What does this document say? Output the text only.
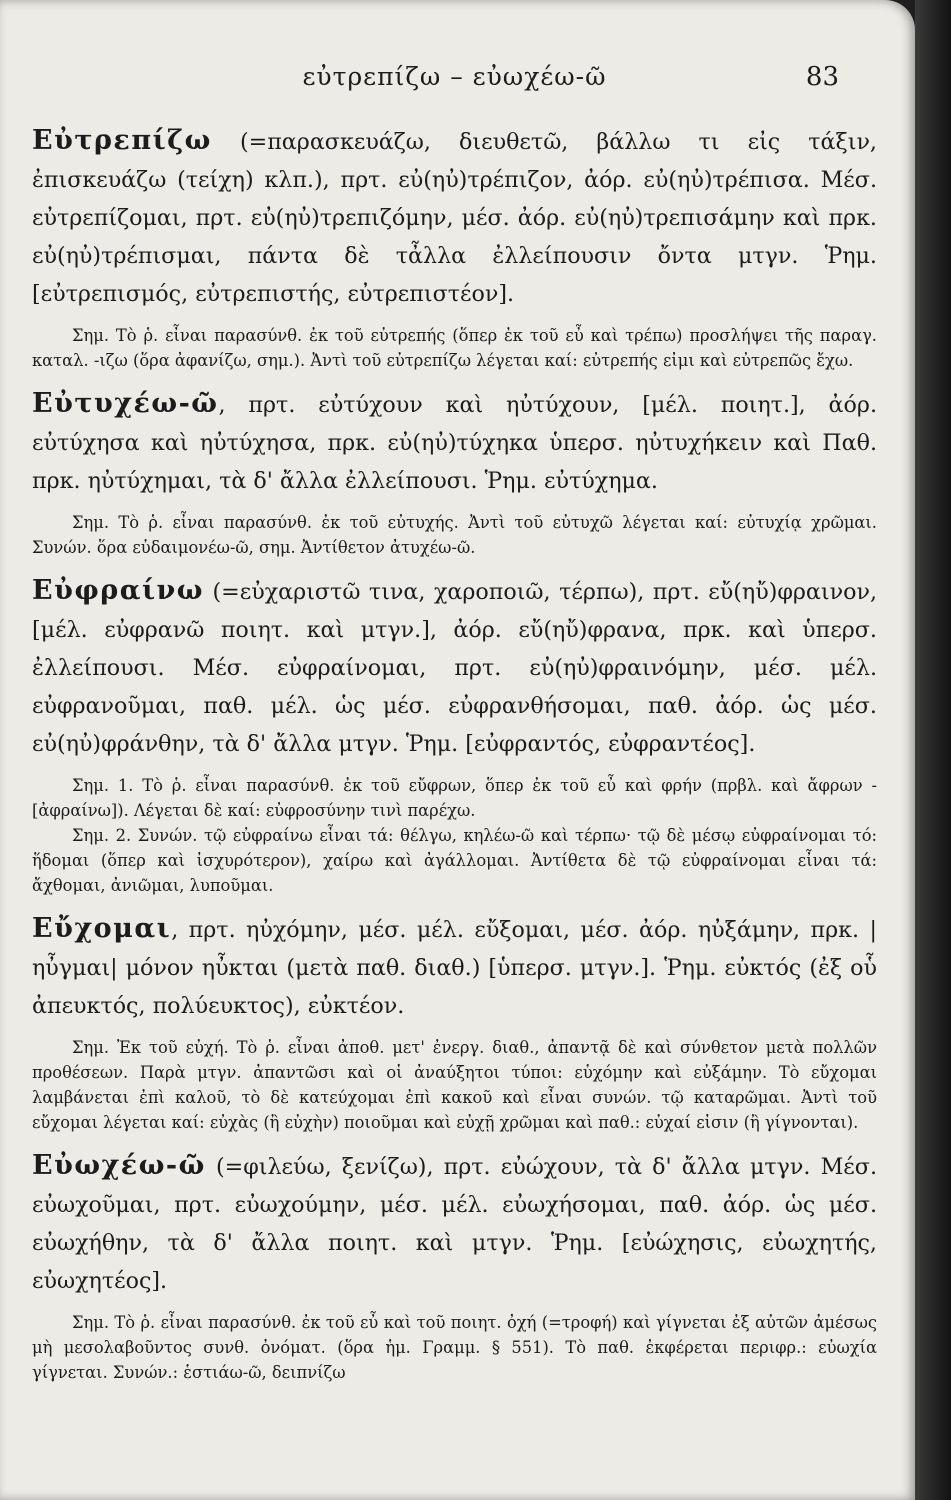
εὐτρεπίζω – εὐωχέω-ῶ	83

Εὐτρεπίζω (=παρασκευάζω, διευθετῶ, βάλλω τι εἰς τάξιν, ἐπισκευάζω (τείχη) κλπ.), πρτ. εὐ(ηὐ)τρέπιζον, ἀόρ. εὐ(ηὐ)τρέπισα. Μέσ. εὐτρεπίζομαι, πρτ. εὐ(ηὐ)τρεπιζόμην, μέσ. ἀόρ. εὐ(ηὐ)τρεπισάμην καὶ πρκ. εὐ(ηὐ)τρέπισμαι, πάντα δὲ τἆλλα ἐλλείπουσιν ὄντα μτγν. Ῥημ. [εὐτρεπισμός, εὐτρεπιστής, εὐτρεπιστέον].

Σημ. Τὸ ῥ. εἶναι παρασύνθ. ἐκ τοῦ εὐτρεπής (ὅπερ ἐκ τοῦ εὖ καὶ τρέπω) προσλήψει τῆς παραγ. καταλ. -ιζω (ὅρα ἀφανίζω, σημ.). Ἀντὶ τοῦ εὐτρεπίζω λέγεται καί: εὐτρεπής εἰμι καὶ εὐτρεπῶς ἔχω.

Εὐτυχέω-ῶ, πρτ. εὐτύχουν καὶ ηὐτύχουν, [μέλ. ποιητ.], ἀόρ. εὐτύχησα καὶ ηὐτύχησα, πρκ. εὐ(ηὐ)τύχηκα ὑπερσ. ηὐτυχήκειν καὶ Παθ. πρκ. ηὐτύχημαι, τὰ δ' ἄλλα ἐλλείπουσι. Ῥημ. εὐτύχημα.

Σημ. Τὸ ῥ. εἶναι παρασύνθ. ἐκ τοῦ εὐτυχής. Ἀντὶ τοῦ εὐτυχῶ λέγεται καί: εὐτυχίᾳ χρῶμαι. Συνών. ὅρα εὐδαιμονέω-ῶ, σημ. Ἀντίθετον ἀτυχέω-ῶ.

Εὐφραίνω (=εὐχαριστῶ τινα, χαροποιῶ, τέρπω), πρτ. εὔ(ηὔ)φραινον, [μέλ. εὐφρανῶ ποιητ. καὶ μτγν.], ἀόρ. εὔ(ηὔ)φρανα, πρκ. καὶ ὑπερσ. ἐλλείπουσι. Μέσ. εὐφραίνομαι, πρτ. εὐ(ηὐ)φραινόμην, μέσ. μέλ. εὐφρανοῦμαι, παθ. μέλ. ὡς μέσ. εὐφρανθήσομαι, παθ. ἀόρ. ὡς μέσ. εὐ(ηὐ)φράνθην, τὰ δ' ἄλλα μτγν. Ῥημ. [εὐφραντός, εὐφραντέος].

Σημ. 1. Τὸ ῥ. εἶναι παρασύνθ. ἐκ τοῦ εὔφρων, ὅπερ ἐκ τοῦ εὖ καὶ φρήν (πρβλ. καὶ ἄφρων - [ἀφραίνω]). Λέγεται δὲ καί: εὐφροσύνην τινὶ παρέχω.

Σημ. 2. Συνών. τῷ εὐφραίνω εἶναι τά: θέλγω, κηλέω-ῶ καὶ τέρπω· τῷ δὲ μέσῳ εὐφραίνομαι τό: ἥδομαι (ὅπερ καὶ ἰσχυρότερον), χαίρω καὶ ἀγάλλομαι. Ἀντίθετα δὲ τῷ εὐφραίνομαι εἶναι τά: ἄχθομαι, ἀνιῶμαι, λυποῦμαι.

Εὔχομαι, πρτ. ηὐχόμην, μέσ. μέλ. εὔξομαι, μέσ. ἀόρ. ηὐξάμην, πρκ. |ηὖγμαι| μόνον ηὖκται (μετὰ παθ. διαθ.) [ὑπερσ. μτγν.]. Ῥημ. εὐκτός (ἐξ οὗ ἀπευκτός, πολύευκτος), εὐκτέον.

Σημ. Ἐκ τοῦ εὐχή. Τὸ ῥ. εἶναι ἀποθ. μετ' ἐνεργ. διαθ., ἀπαντᾷ δὲ καὶ σύνθετον μετὰ πολλῶν προθέσεων. Παρὰ μτγν. ἀπαντῶσι καὶ οἱ ἀναύξητοι τύποι: εὐχόμην καὶ εὐξάμην. Τὸ εὔχομαι λαμβάνεται ἐπὶ καλοῦ, τὸ δὲ κατεύχομαι ἐπὶ κακοῦ καὶ εἶναι συνών. τῷ καταρῶμαι. Ἀντὶ τοῦ εὔχομαι λέγεται καί: εὐχὰς (ἢ εὐχὴν) ποιοῦμαι καὶ εὐχῇ χρῶμαι καὶ παθ.: εὐχαί εἰσιν (ἢ γίγνονται).

Εὐωχέω-ῶ (=φιλεύω, ξενίζω), πρτ. εὐώχουν, τὰ δ' ἄλλα μτγν. Μέσ. εὐωχοῦμαι, πρτ. εὐωχούμην, μέσ. μέλ. εὐωχήσομαι, παθ. ἀόρ. ὡς μέσ. εὐωχήθην, τὰ δ' ἄλλα ποιητ. καὶ μτγν. Ῥημ. [εὐώχησις, εὐωχητής, εὐωχητέος].

Σημ. Τὸ ῥ. εἶναι παρασύνθ. ἐκ τοῦ εὖ καὶ τοῦ ποιητ. ὀχή (=τροφή) καὶ γίγνεται ἐξ αὐτῶν ἀμέσως μὴ μεσολαβοῦντος συνθ. ὀνόματ. (ὅρα ἡμ. Γραμμ. § 551). Τὸ παθ. ἐκφέρεται περιφρ.: εὐωχία γίγνεται. Συνών.: ἑστιάω-ῶ, δειπνίζω
